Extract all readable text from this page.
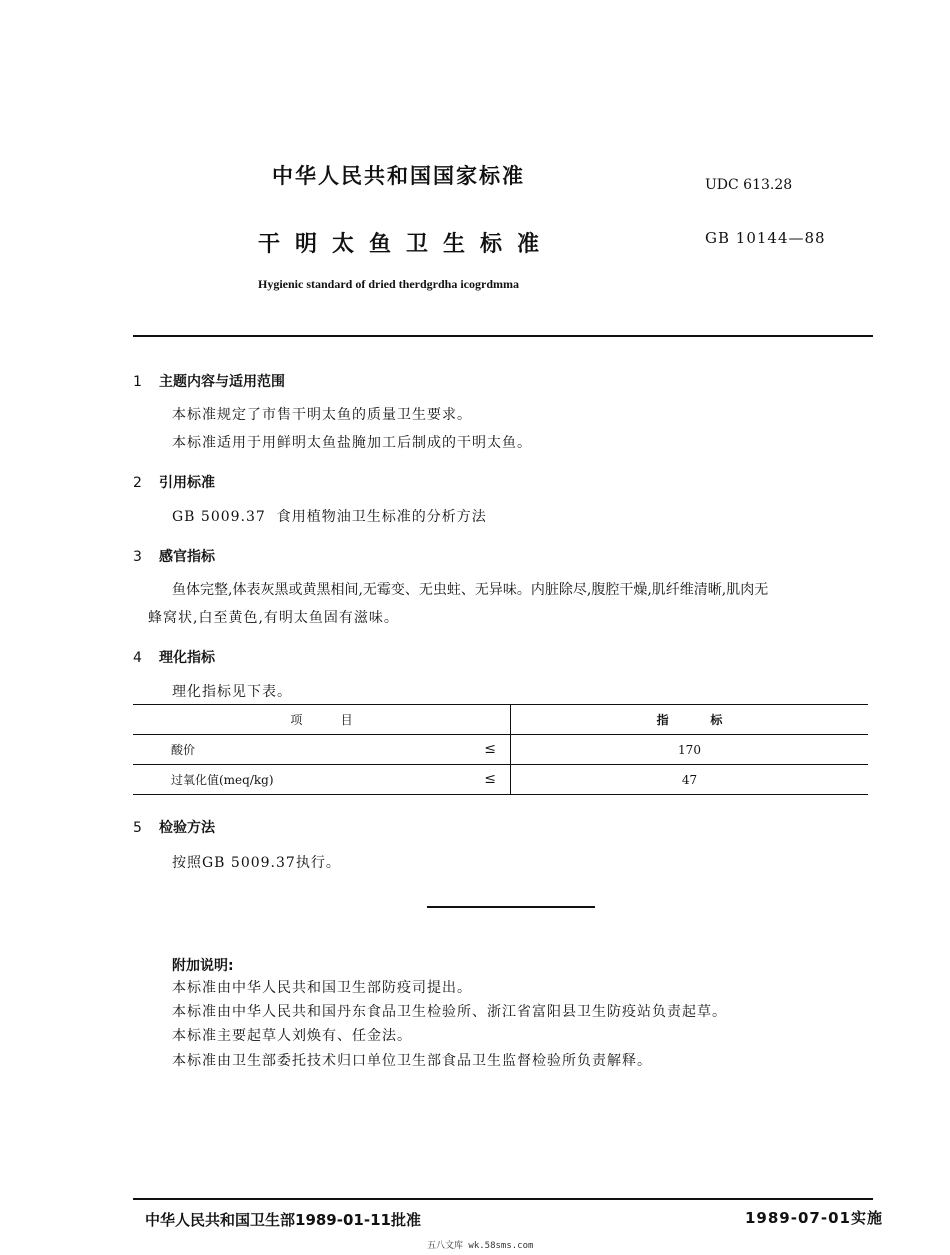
中华人民共和国国家标准
干明太鱼卫生标准
Hygienic standard of dried therdgrdha icogrdmma
UDC 613.28
GB 10144—88
1 主题内容与适用范围
本标准规定了市售干明太鱼的质量卫生要求。
本标准适用于用鲜明太鱼盐腌加工后制成的干明太鱼。
2 引用标准
GB 5009.37  食用植物油卫生标准的分析方法
3 感官指标
鱼体完整,体表灰黑或黄黑相间,无霉变、无虫蛀、无异味。内脏除尽,腹腔干燥,肌纤维清晰,肌肉无
蜂窝状,白至黄色,有明太鱼固有滋味。
4 理化指标
理化指标见下表。
项          目	指          标
酸价 ≤	170
过氧化值(meq/kg) ≤	47
5 检验方法
按照GB 5009.37执行。
附加说明:
本标准由中华人民共和国卫生部防疫司提出。
本标准由中华人民共和国丹东食品卫生检验所、浙江省富阳县卫生防疫站负责起草。
本标准主要起草人刘焕有、任金法。
本标准由卫生部委托技术归口单位卫生部食品卫生监督检验所负责解释。
中华人民共和国卫生部1989-01-11批准	1989-07-01实施
五八文库 wk.58sms.com
